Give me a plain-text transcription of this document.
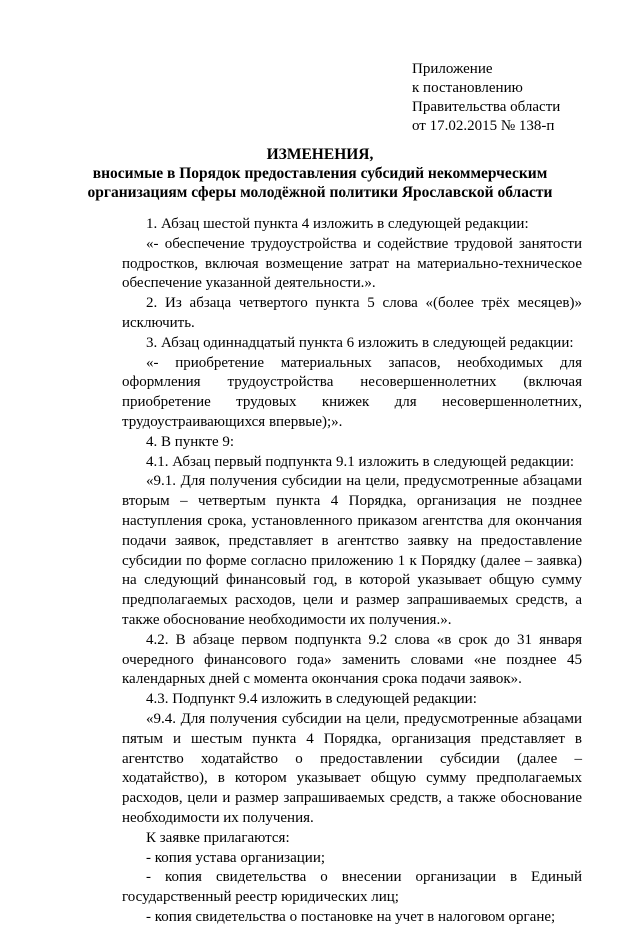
Приложение
к постановлению
Правительства области
от 17.02.2015 № 138-п
ИЗМЕНЕНИЯ,
вносимые в Порядок предоставления субсидий некоммерческим
организациям сферы молодёжной политики Ярославской области

1. Абзац шестой пункта 4 изложить в следующей редакции:

«- обеспечение трудоустройства и содействие трудовой занятости подростков, включая возмещение затрат на материально-техническое обеспечение указанной деятельности.».

2. Из абзаца четвертого пункта 5 слова «(более трёх месяцев)» исключить.

3. Абзац одиннадцатый пункта 6 изложить в следующей редакции:

«- приобретение материальных запасов, необходимых для оформления трудоустройства несовершеннолетних (включая приобретение трудовых книжек для несовершеннолетних, трудоустраивающихся впервые);».

4. В пункте 9:

4.1. Абзац первый подпункта 9.1 изложить в следующей редакции:

«9.1. Для получения субсидии на цели, предусмотренные абзацами вторым – четвертым пункта 4 Порядка, организация не позднее наступления срока, установленного приказом агентства для окончания подачи заявок, представляет в агентство заявку на предоставление субсидии по форме согласно приложению 1 к Порядку (далее – заявка) на следующий финансовый год, в которой указывает общую сумму предполагаемых расходов, цели и размер запрашиваемых средств, а также обоснование необходимости их получения.».

4.2. В абзаце первом подпункта 9.2 слова «в срок до 31 января очередного финансового года» заменить словами «не позднее 45 календарных дней с момента окончания срока подачи заявок».

4.3. Подпункт 9.4 изложить в следующей редакции:

«9.4. Для получения субсидии на цели, предусмотренные абзацами пятым и шестым пункта 4 Порядка, организация представляет в агентство ходатайство о предоставлении субсидии (далее – ходатайство), в котором указывает общую сумму предполагаемых расходов, цели и размер запрашиваемых средств, а также обоснование необходимости их получения.

К заявке прилагаются:

- копия устава организации;

- копия свидетельства о внесении организации в Единый государственный реестр юридических лиц;

- копия свидетельства о постановке на учет в налоговом органе;
